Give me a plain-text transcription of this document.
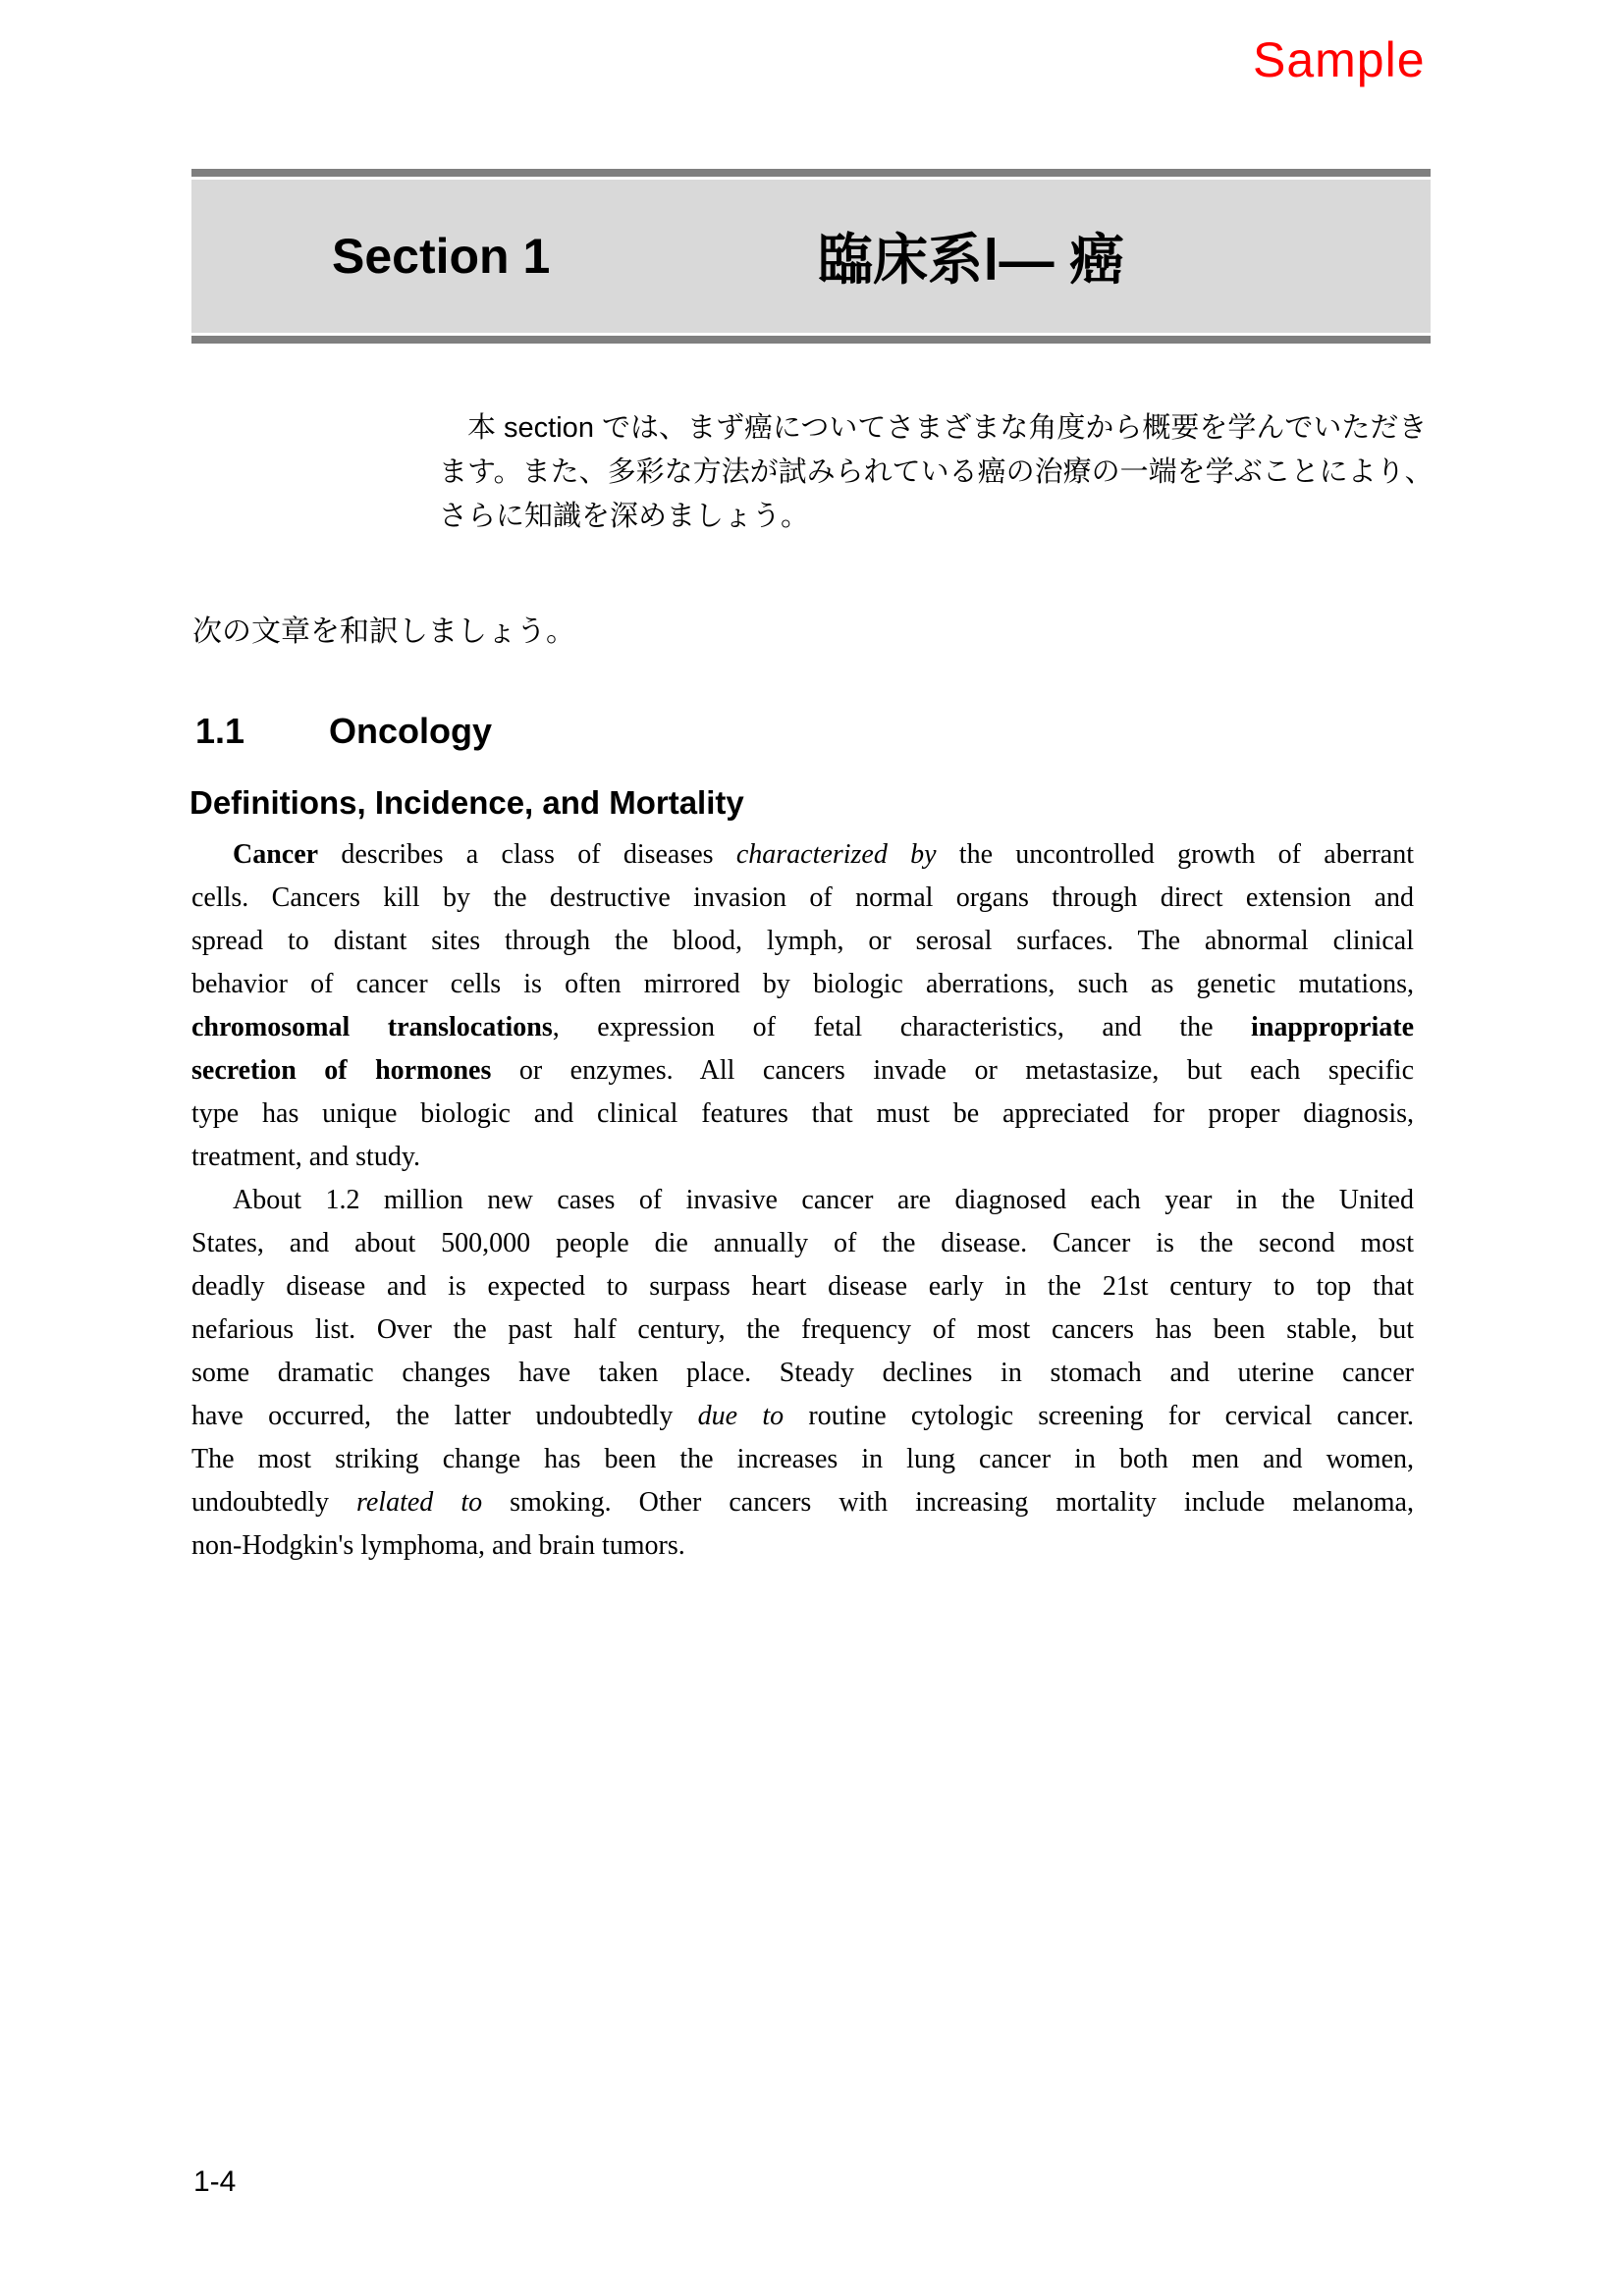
Sample
Section 1	臨床系Ⅰ― 癌
本 section では、まず癌についてさまざまな角度から概要を学んでいただき
ます。また、多彩な方法が試みられている癌の治療の一端を学ぶことにより、
さらに知識を深めましょう。
次の文章を和訳しましょう。
1.1	Oncology
Definitions, Incidence, and Mortality
Cancer describes a class of diseases characterized by the uncontrolled growth of aberrant
cells. Cancers kill by the destructive invasion of normal organs through direct extension and
spread to distant sites through the blood, lymph, or serosal surfaces. The abnormal clinical
behavior of cancer cells is often mirrored by biologic aberrations, such as genetic mutations,
chromosomal translocations, expression of fetal characteristics, and the inappropriate
secretion of hormones or enzymes. All cancers invade or metastasize, but each specific
type has unique biologic and clinical features that must be appreciated for proper diagnosis,
treatment, and study.
About 1.2 million new cases of invasive cancer are diagnosed each year in the United
States, and about 500,000 people die annually of the disease. Cancer is the second most
deadly disease and is expected to surpass heart disease early in the 21st century to top that
nefarious list. Over the past half century, the frequency of most cancers has been stable, but
some dramatic changes have taken place. Steady declines in stomach and uterine cancer
have occurred, the latter undoubtedly due to routine cytologic screening for cervical cancer.
The most striking change has been the increases in lung cancer in both men and women,
undoubtedly related to smoking. Other cancers with increasing mortality include melanoma,
non-Hodgkin's lymphoma, and brain tumors.
1-4
